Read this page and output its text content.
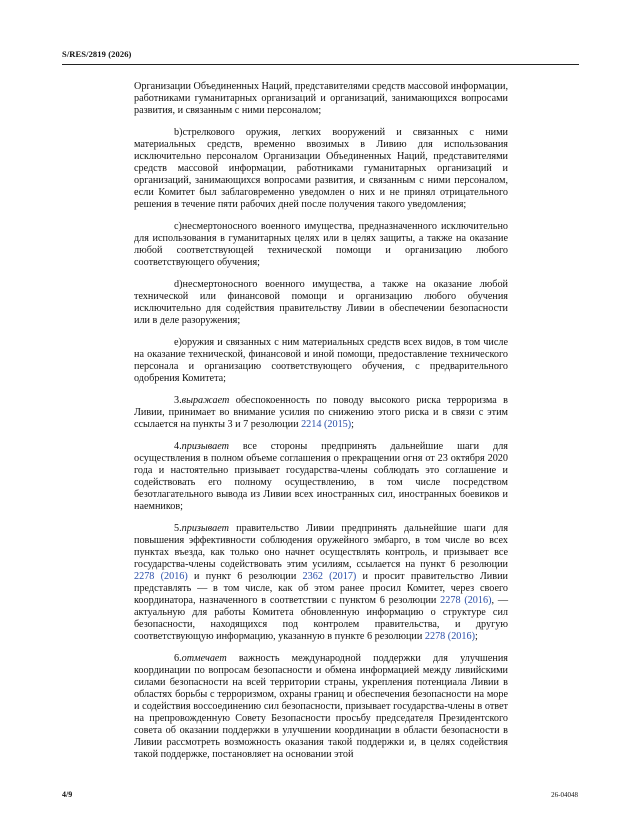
S/RES/2819 (2026)

Организации Объединенных Наций, представителями средств массовой информации, работниками гуманитарных организаций и организаций, занимающихся вопросами развития, и связанным с ними персоналом;

b)стрелкового оружия, легких вооружений и связанных с ними материальных средств, временно ввозимых в Ливию для использования исключительно персоналом Организации Объединенных Наций, представителями средств массовой информации, работниками гуманитарных организаций и организаций, занимающихся вопросами развития, и связанным с ними персоналом, если Комитет был заблаговременно уведомлен о них и не принял отрицательного решения в течение пяти рабочих дней после получения такого уведомления;

c)несмертоносного военного имущества, предназначенного исключительно для использования в гуманитарных целях или в целях защиты, а также на оказание любой соответствующей технической помощи и организацию любого соответствующего обучения;

d)несмертоносного военного имущества, а также на оказание любой технической или финансовой помощи и организацию любого обучения исключительно для содействия правительству Ливии в обеспечении безопасности или в деле разоружения;

e)оружия и связанных с ним материальных средств всех видов, в том числе на оказание технической, финансовой и иной помощи, предоставление технического персонала и организацию соответствующего обучения, с предварительного одобрения Комитета;

3.выражает обеспокоенность по поводу высокого риска терроризма в Ливии, принимает во внимание усилия по снижению этого риска и в связи с этим ссылается на пункты 3 и 7 резолюции 2214 (2015);

4.призывает все стороны предпринять дальнейшие шаги для осуществления в полном объеме соглашения о прекращении огня от 23 октября 2020 года и настоятельно призывает государства-члены соблюдать это соглашение и содействовать его полному осуществлению, в том числе посредством безотлагательного вывода из Ливии всех иностранных сил, иностранных боевиков и наемников;

5.призывает правительство Ливии предпринять дальнейшие шаги для повышения эффективности соблюдения оружейного эмбарго, в том числе во всех пунктах въезда, как только оно начнет осуществлять контроль, и призывает все государства-члены содействовать этим усилиям, ссылается на пункт 6 резолюции 2278 (2016) и пункт 6 резолюции 2362 (2017) и просит правительство Ливии представлять — в том числе, как об этом ранее просил Комитет, через своего координатора, назначенного в соответствии с пунктом 6 резолюции 2278 (2016), — актуальную для работы Комитета обновленную информацию о структуре сил безопасности, находящихся под контролем правительства, и другую соответствующую информацию, указанную в пункте 6 резолюции 2278 (2016);

6.отмечает важность международной поддержки для улучшения координации по вопросам безопасности и обмена информацией между ливийскими силами безопасности на всей территории страны, укрепления потенциала Ливии в областях борьбы с терроризмом, охраны границ и обеспечения безопасности на море и содействия воссоединению сил безопасности, призывает государства-члены в ответ на препровожденную Совету Безопасности просьбу председателя Президентского совета об оказании поддержки в улучшении координации в области безопасности в Ливии рассмотреть возможность оказания такой поддержки и, в целях содействия такой поддержке, постановляет на основании этой

4/9	26-04048
